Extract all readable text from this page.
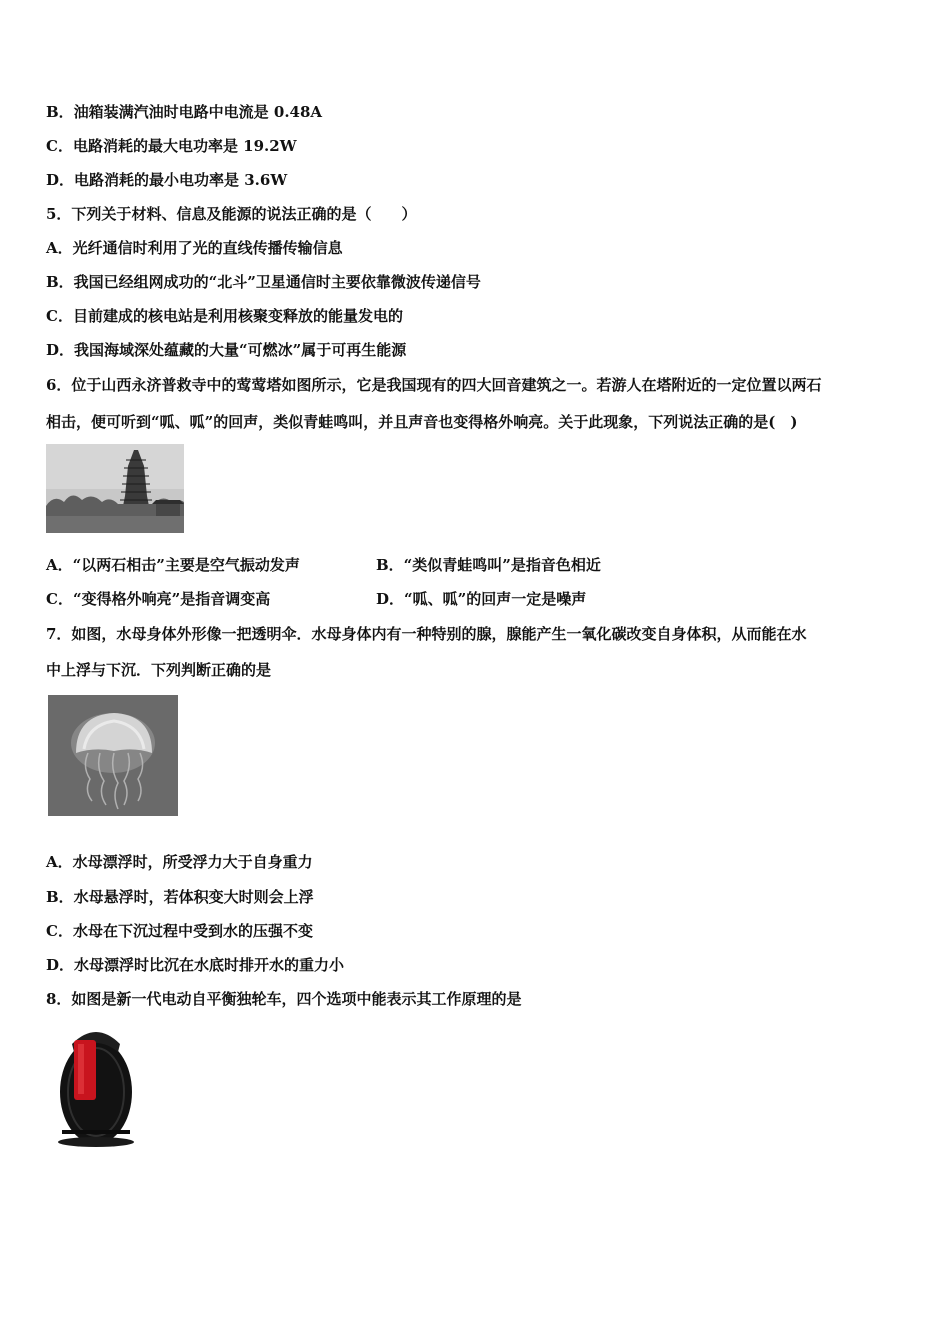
B．油箱装满汽油时电路中电流是 0.48A
C．电路消耗的最大电功率是 19.2W
D．电路消耗的最小电功率是 3.6W
5．下列关于材料、信息及能源的说法正确的是（　　）
A．光纤通信时利用了光的直线传播传输信息
B．我国已经组网成功的“北斗”卫星通信时主要依靠微波传递信号
C．目前建成的核电站是利用核聚变释放的能量发电的
D．我国海域深处蕴藏的大量“可燃冰”属于可再生能源
6．位于山西永济普救寺中的莺莺塔如图所示，它是我国现有的四大回音建筑之一。若游人在塔附近的一定位置以两石
相击，便可听到“呱、呱”的回声，类似青蛙鸣叫，并且声音也变得格外响亮。关于此现象，下列说法正确的是(　)
A．“以两石相击”主要是空气振动发声	B．“类似青蛙鸣叫”是指音色相近
C．“变得格外响亮”是指音调变高	D．“呱、呱”的回声一定是噪声
7．如图，水母身体外形像一把透明伞．水母身体内有一种特别的腺，腺能产生一氧化碳改变自身体积，从而能在水
中上浮与下沉．下列判断正确的是
A．水母漂浮时，所受浮力大于自身重力
B．水母悬浮时，若体积变大时则会上浮
C．水母在下沉过程中受到水的压强不变
D．水母漂浮时比沉在水底时排开水的重力小
8．如图是新一代电动自平衡独轮车，四个选项中能表示其工作原理的是
